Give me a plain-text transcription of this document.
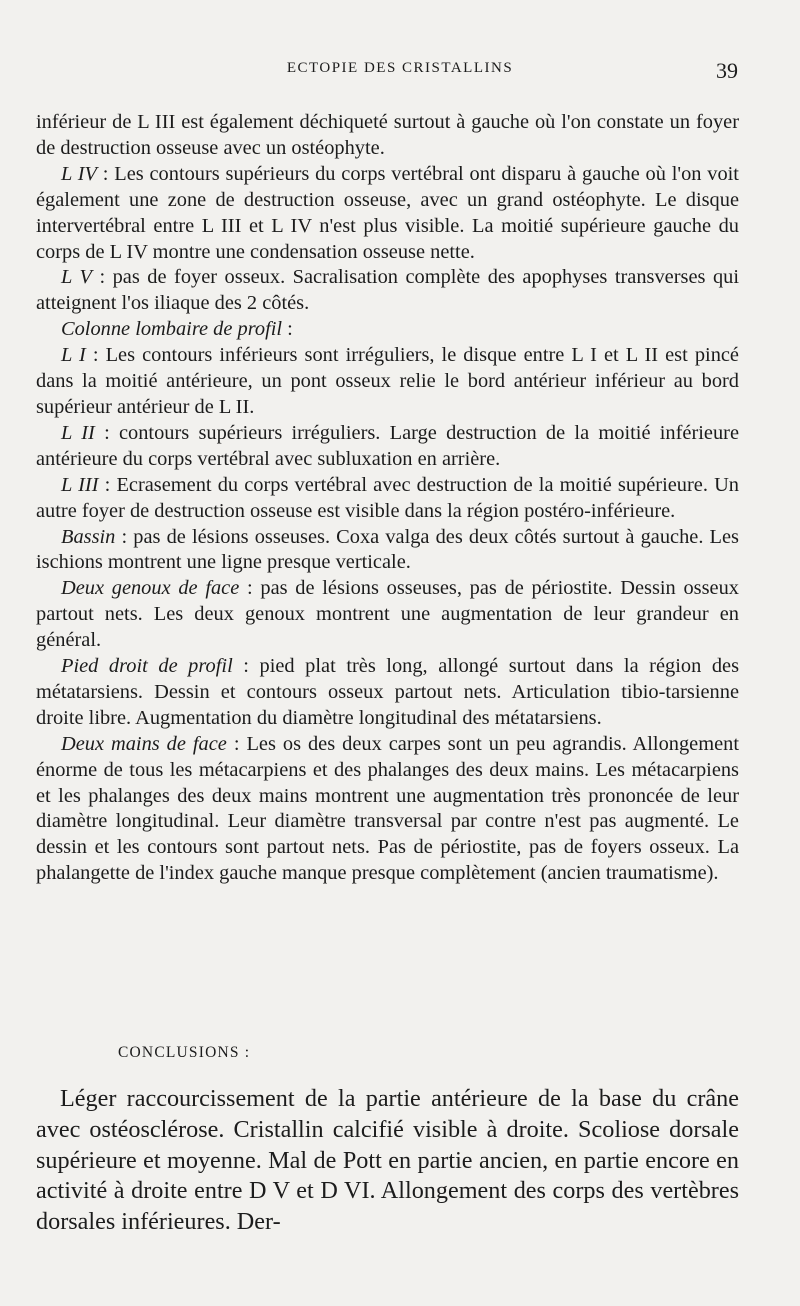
ECTOPIE DES CRISTALLINS	39

inférieur de L III est également déchiqueté surtout à gauche où l'on constate un foyer de destruction osseuse avec un ostéophyte.

L IV : Les contours supérieurs du corps vertébral ont disparu à gauche où l'on voit également une zone de destruction osseuse, avec un grand ostéophyte. Le disque intervertébral entre L III et L IV n'est plus visible. La moitié supérieure gauche du corps de L IV montre une condensation osseuse nette.

L V : pas de foyer osseux. Sacralisation complète des apophyses transverses qui atteignent l'os iliaque des 2 côtés.

Colonne lombaire de profil :

L I : Les contours inférieurs sont irréguliers, le disque entre L I et L II est pincé dans la moitié antérieure, un pont osseux relie le bord antérieur inférieur au bord supérieur antérieur de L II.

L II : contours supérieurs irréguliers. Large destruction de la moitié inférieure antérieure du corps vertébral avec subluxation en arrière.

L III : Ecrasement du corps vertébral avec destruction de la moitié supérieure. Un autre foyer de destruction osseuse est visible dans la région postéro-inférieure.

Bassin : pas de lésions osseuses. Coxa valga des deux côtés surtout à gauche. Les ischions montrent une ligne presque verticale.

Deux genoux de face : pas de lésions osseuses, pas de périostite. Dessin osseux partout nets. Les deux genoux montrent une augmentation de leur grandeur en général.

Pied droit de profil : pied plat très long, allongé surtout dans la région des métatarsiens. Dessin et contours osseux partout nets. Articulation tibio-tarsienne droite libre. Augmentation du diamètre longitudinal des métatarsiens.

Deux mains de face : Les os des deux carpes sont un peu agrandis. Allongement énorme de tous les métacarpiens et des phalanges des deux mains. Les métacarpiens et les phalanges des deux mains montrent une augmentation très prononcée de leur diamètre longitudinal. Leur diamètre transversal par contre n'est pas augmenté. Le dessin et les contours sont partout nets. Pas de périostite, pas de foyers osseux. La phalangette de l'index gauche manque presque complètement (ancien traumatisme).

CONCLUSIONS :

Léger raccourcissement de la partie antérieure de la base du crâne avec ostéosclérose. Cristallin calcifié visible à droite. Scoliose dorsale supérieure et moyenne. Mal de Pott en partie ancien, en partie encore en activité à droite entre D V et D VI. Allongement des corps des vertèbres dorsales inférieures. Der-
